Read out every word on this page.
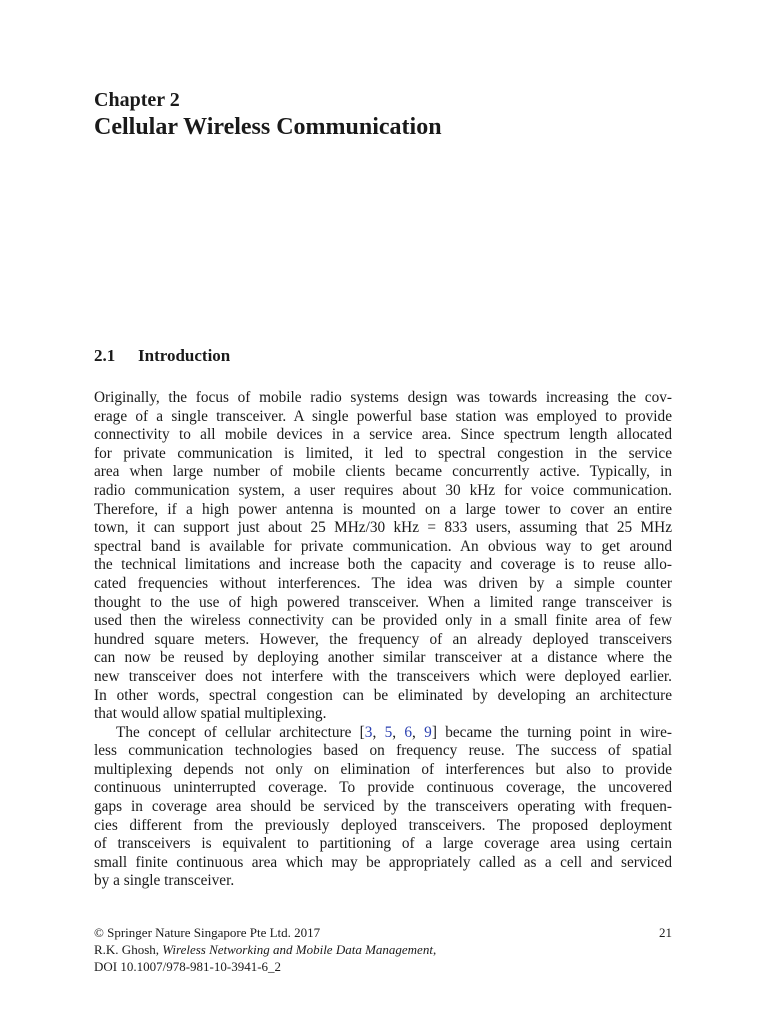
Chapter 2
Cellular Wireless Communication
2.1 Introduction
Originally, the focus of mobile radio systems design was towards increasing the cov-
erage of a single transceiver. A single powerful base station was employed to provide
connectivity to all mobile devices in a service area. Since spectrum length allocated
for private communication is limited, it led to spectral congestion in the service
area when large number of mobile clients became concurrently active. Typically, in
radio communication system, a user requires about 30 kHz for voice communication.
Therefore, if a high power antenna is mounted on a large tower to cover an entire
town, it can support just about 25 MHz/30 kHz = 833 users, assuming that 25 MHz
spectral band is available for private communication. An obvious way to get around
the technical limitations and increase both the capacity and coverage is to reuse allo-
cated frequencies without interferences. The idea was driven by a simple counter
thought to the use of high powered transceiver. When a limited range transceiver is
used then the wireless connectivity can be provided only in a small finite area of few
hundred square meters. However, the frequency of an already deployed transceivers
can now be reused by deploying another similar transceiver at a distance where the
new transceiver does not interfere with the transceivers which were deployed earlier.
In other words, spectral congestion can be eliminated by developing an architecture
that would allow spatial multiplexing.
The concept of cellular architecture [3, 5, 6, 9] became the turning point in wire-
less communication technologies based on frequency reuse. The success of spatial
multiplexing depends not only on elimination of interferences but also to provide
continuous uninterrupted coverage. To provide continuous coverage, the uncovered
gaps in coverage area should be serviced by the transceivers operating with frequen-
cies different from the previously deployed transceivers. The proposed deployment
of transceivers is equivalent to partitioning of a large coverage area using certain
small finite continuous area which may be appropriately called as a cell and serviced
by a single transceiver.
© Springer Nature Singapore Pte Ltd. 2017
R.K. Ghosh, Wireless Networking and Mobile Data Management,
DOI 10.1007/978-981-10-3941-6_2
21
